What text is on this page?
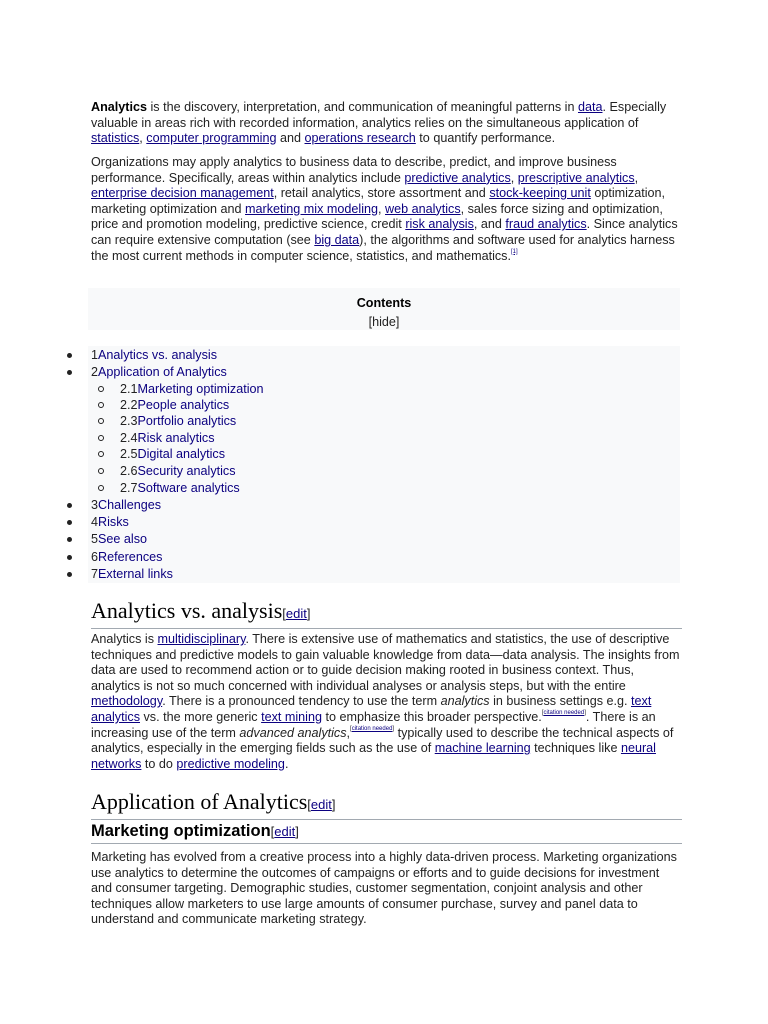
Analytics is the discovery, interpretation, and communication of meaningful patterns in data. Especially valuable in areas rich with recorded information, analytics relies on the simultaneous application of statistics, computer programming and operations research to quantify performance.

Organizations may apply analytics to business data to describe, predict, and improve business performance. Specifically, areas within analytics include predictive analytics, prescriptive analytics, enterprise decision management, retail analytics, store assortment and stock-keeping unit optimization, marketing optimization and marketing mix modeling, web analytics, sales force sizing and optimization, price and promotion modeling, predictive science, credit risk analysis, and fraud analytics. Since analytics can require extensive computation (see big data), the algorithms and software used for analytics harness the most current methods in computer science, statistics, and mathematics.[1]

Contents
[hide]
1Analytics vs. analysis
2Application of Analytics
2.1Marketing optimization
2.2People analytics
2.3Portfolio analytics
2.4Risk analytics
2.5Digital analytics
2.6Security analytics
2.7Software analytics
3Challenges
4Risks
5See also
6References
7External links
Analytics vs. analysis[edit]

Analytics is multidisciplinary. There is extensive use of mathematics and statistics, the use of descriptive techniques and predictive models to gain valuable knowledge from data—data analysis. The insights from data are used to recommend action or to guide decision making rooted in business context. Thus, analytics is not so much concerned with individual analyses or analysis steps, but with the entire methodology. There is a pronounced tendency to use the term analytics in business settings e.g. text analytics vs. the more generic text mining to emphasize this broader perspective.[citation needed]. There is an increasing use of the term advanced analytics,[citation needed] typically used to describe the technical aspects of analytics, especially in the emerging fields such as the use of machine learning techniques like neural networks to do predictive modeling.

Application of Analytics[edit]
Marketing optimization[edit]

Marketing has evolved from a creative process into a highly data-driven process. Marketing organizations use analytics to determine the outcomes of campaigns or efforts and to guide decisions for investment and consumer targeting. Demographic studies, customer segmentation, conjoint analysis and other techniques allow marketers to use large amounts of consumer purchase, survey and panel data to understand and communicate marketing strategy.
